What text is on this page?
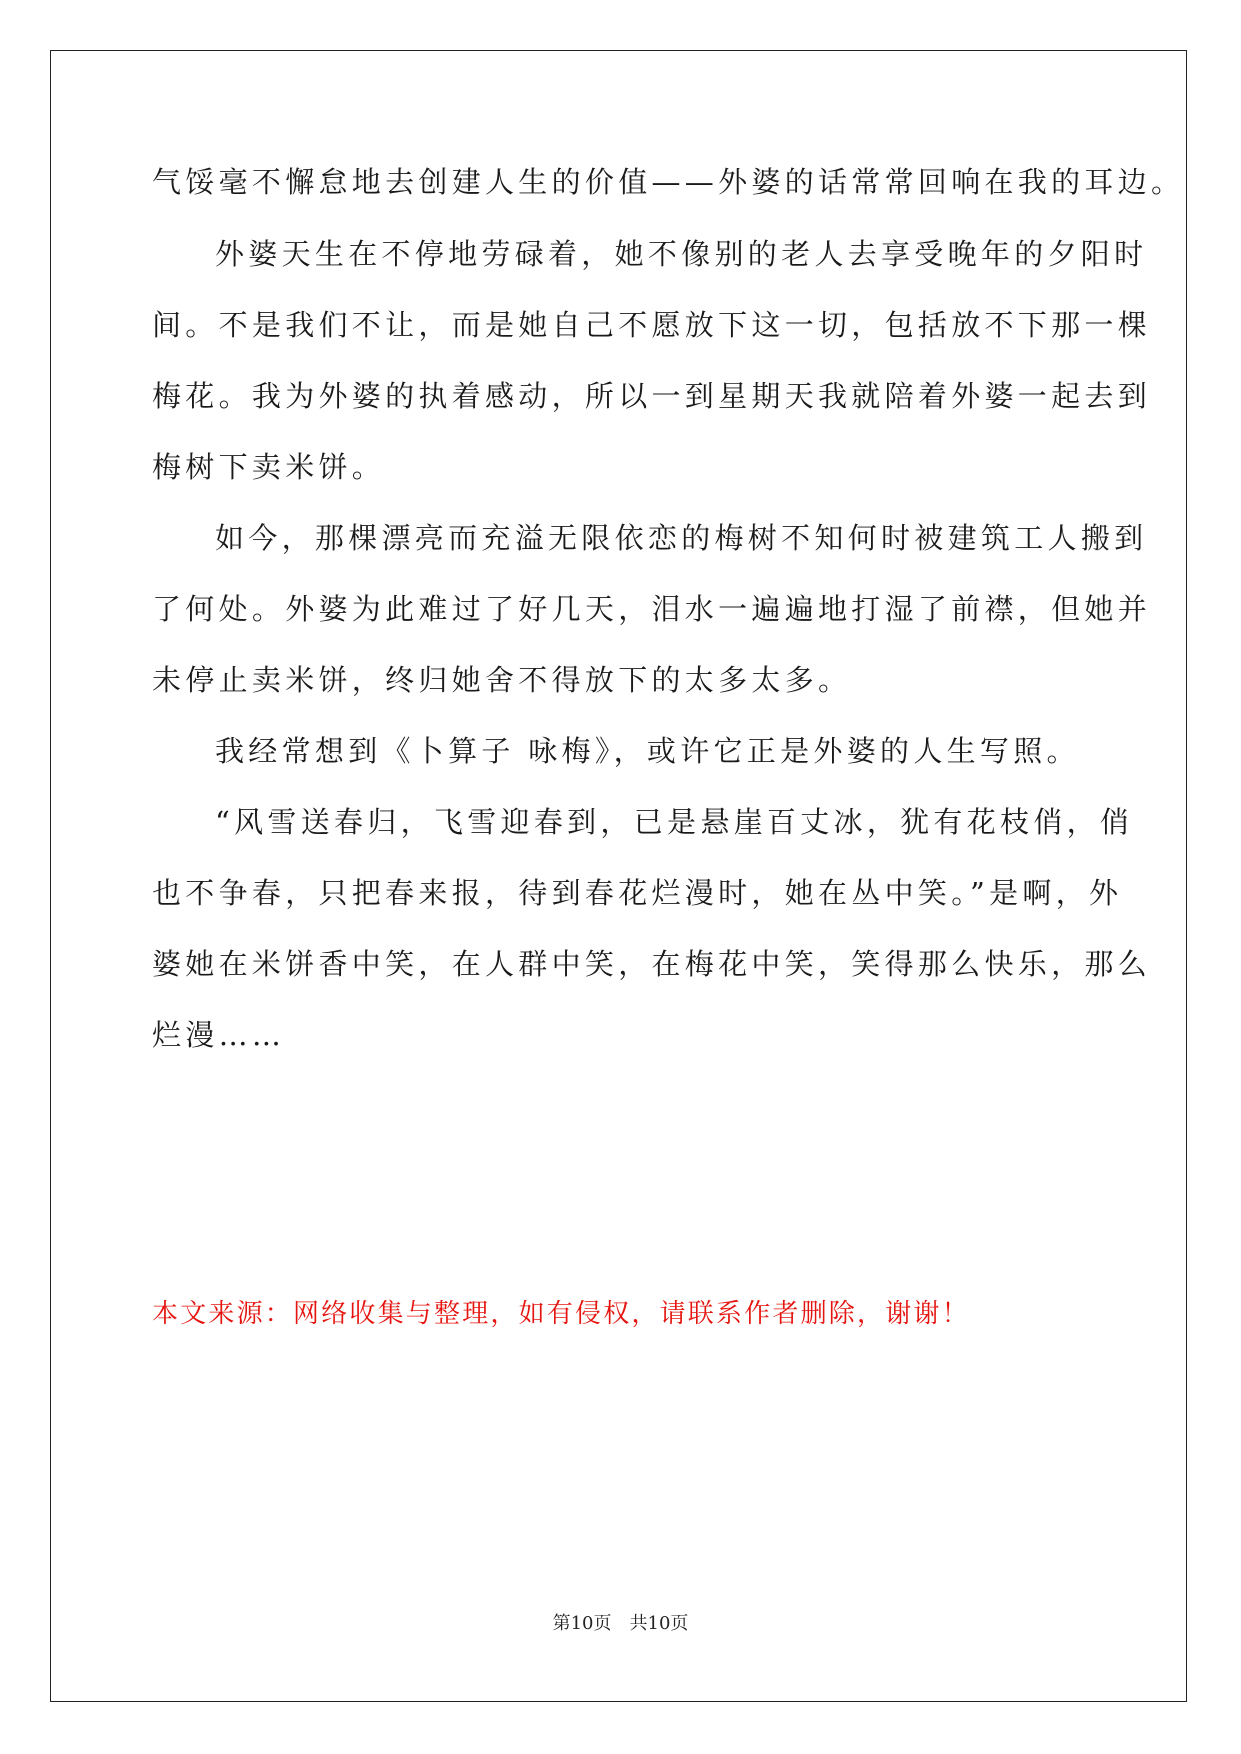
气馁毫不懈怠地去创建人生的价值——外婆的话常常回响在我的耳边。
外婆天生在不停地劳碌着，她不像别的老人去享受晚年的夕阳时
间。不是我们不让，而是她自己不愿放下这一切，包括放不下那一棵
梅花。我为外婆的执着感动，所以一到星期天我就陪着外婆一起去到
梅树下卖米饼。
如今，那棵漂亮而充溢无限依恋的梅树不知何时被建筑工人搬到
了何处。外婆为此难过了好几天，泪水一遍遍地打湿了前襟，但她并
未停止卖米饼，终归她舍不得放下的太多太多。
我经常想到《卜算子 咏梅》，或许它正是外婆的人生写照。
“风雪送春归，飞雪迎春到，已是悬崖百丈冰，犹有花枝俏，俏
也不争春，只把春来报，待到春花烂漫时，她在丛中笑。”是啊，外
婆她在米饼香中笑，在人群中笑，在梅花中笑，笑得那么快乐，那么
烂漫……
本文来源：网络收集与整理，如有侵权，请联系作者删除，谢谢！
第10页 共10页
